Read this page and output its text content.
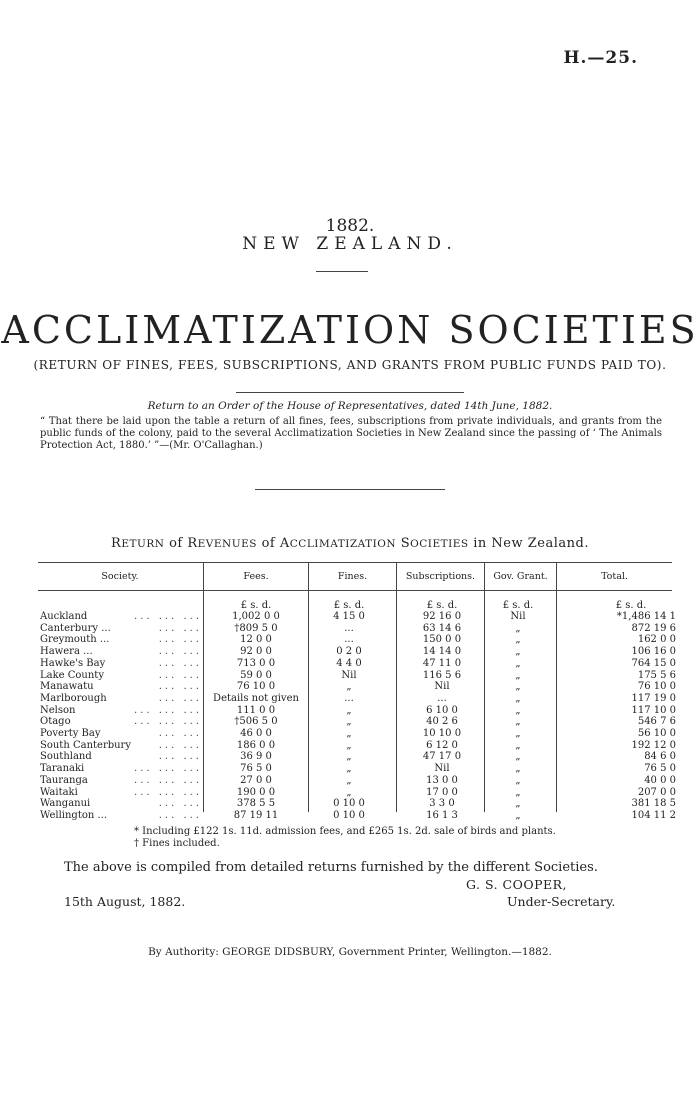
H.—25.
1882.
NEW ZEALAND.
ACCLIMATIZATION SOCIETIES
(RETURN OF FINES, FEES, SUBSCRIPTIONS, AND GRANTS FROM PUBLIC FUNDS PAID TO).
Return to an Order of the House of Representatives, dated 14th June, 1882.
“ That there be laid upon the table a return of all fines, fees, subscriptions from private individuals, and grants from the public funds of the colony, paid to the several Acclimatization Societies in New Zealand since the passing of ‘ The Animals Protection Act, 1880.’ ”—(Mr. O'Callaghan.)
RETURN of REVENUES of ACCLIMATIZATION SOCIETIES in New Zealand.
Society.	Fees.	Fines.	Subscriptions.	Gov. Grant.	Total.
£ s. d.	£ s. d.	£ s. d.	£ s. d.	£ s. d.
Auckland	... ... ...	1,002 0 0	4 15 0	92 16 0	Nil	*1,486 14 1
Canterbury ...	... ...	†809 5 0	...	63 14 6	„	872 19 6
Greymouth ...	... ...	12 0 0	...	150 0 0	„	162 0 0
Hawera ...	... ...	92 0 0	0 2 0	14 14 0	„	106 16 0
Hawke's Bay	... ...	713 0 0	4 4 0	47 11 0	„	764 15 0
Lake County	... ...	59 0 0	Nil	116 5 6	„	175 5 6
Manawatu	... ...	76 10 0	„	Nil	„	76 10 0
Marlborough	... ...	Details not given	...	...	„	117 19 0
Nelson	... ... ...	111 0 0	„	6 10 0	„	117 10 0
Otago	... ... ...	†506 5 0	„	40 2 6	„	546 7 6
Poverty Bay	... ...	46 0 0	„	10 10 0	„	56 10 0
South Canterbury	... ...	186 0 0	„	6 12 0	„	192 12 0
Southland	... ...	36 9 0	„	47 17 0	„	84 6 0
Taranaki	... ... ...	76 5 0	„	Nil	„	76 5 0
Tauranga	... ... ...	27 0 0	„	13 0 0	„	40 0 0
Waitaki	... ... ...	190 0 0	„	17 0 0	„	207 0 0
Wanganui	... ...	378 5 5	0 10 0	3 3 0	„	381 18 5
Wellington ...	... ...	87 19 11	0 10 0	16 1 3	„	104 11 2
* Including £122 1s. 11d. admission fees, and £265 1s. 2d. sale of birds and plants.
† Fines included.
The above is compiled from detailed returns furnished by the different Societies.
G. S. COOPER,
15th August, 1882.	Under-Secretary.
By Authority: GEORGE DIDSBURY, Government Printer, Wellington.—1882.
